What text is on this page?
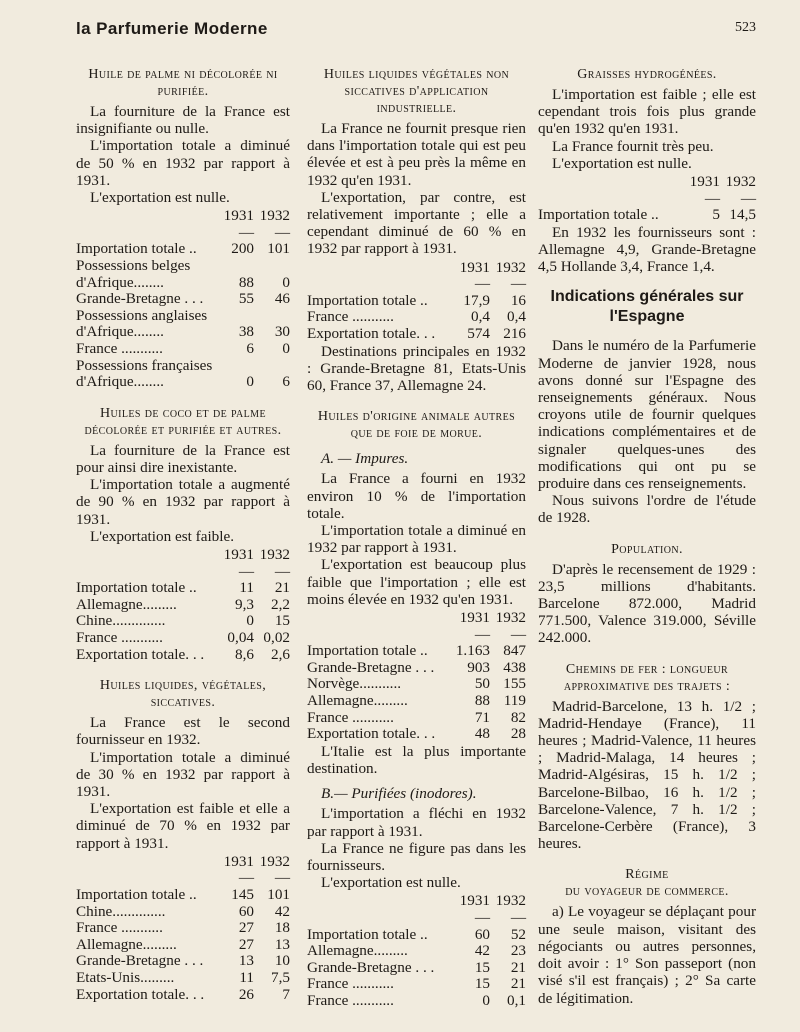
la Parfumerie Moderne	523
Huile de palme ni décolorée ni purifiée.

La fourniture de la France est insignifiante ou nulle.

L'importation totale a diminué de 50 % en 1932 par rapport à 1931.

L'exportation est nulle.

	1931	1932
	—	—
Importation totale ..	200	101
Possessions belges		
d'Afrique........	88	0
Grande-Bretagne . . .	55	46
Possessions anglaises		
d'Afrique........	38	30
France ...........	6	0
Possessions françaises		
d'Afrique........	0	6
Huiles de coco et de palme décolorée et purifiée et autres.

La fourniture de la France est pour ainsi dire inexistante.

L'importation totale a augmenté de 90 % en 1932 par rapport à 1931.

L'exportation est faible.

	1931	1932
	—	—
Importation totale ..	11	21
Allemagne.........	9,3	2,2
Chine..............	0	15
France ...........	0,04	0,02
Exportation totale. . .	8,6	2,6
Huiles liquides, végétales, siccatives.

La France est le second fournisseur en 1932.

L'importation totale a diminué de 30 % en 1932 par rapport à 1931.

L'exportation est faible et elle a diminué de 70 % en 1932 par rapport à 1931.

	1931	1932
	—	—
Importation totale ..	145	101
Chine..............	60	42
France ...........	27	18
Allemagne.........	27	13
Grande-Bretagne . . .	13	10
Etats-Unis.........	11	7,5
Exportation totale. . .	26	7
Huiles liquides végétales non siccatives d'application industrielle.

La France ne fournit presque rien dans l'importation totale qui est peu élevée et est à peu près la même en 1932 qu'en 1931.

L'exportation, par contre, est relativement importante ; elle a cependant diminué de 60 % en 1932 par rapport à 1931.

	1931	1932
	—	—
Importation totale ..	17,9	16
France ...........	0,4	0,4
Exportation totale. . .	574	216

Destinations principales en 1932 : Grande-Bretagne 81, Etats-Unis 60, France 37, Allemagne 24.

Huiles d'origine animale autres que de foie de morue.

A. — Impures.

La France a fourni en 1932 environ 10 % de l'importation totale.

L'importation totale a diminué en 1932 par rapport à 1931.

L'exportation est beaucoup plus faible que l'importation ; elle est moins élevée en 1932 qu'en 1931.

	1931	1932
	—	—
Importation totale ..	1.163	847
Grande-Bretagne . . .	903	438
Norvège...........	50	155
Allemagne.........	88	119
France ...........	71	82
Exportation totale. . .	48	28

L'Italie est la plus importante destination.

B.— Purifiées (inodores).

L'importation a fléchi en 1932 par rapport à 1931.

La France ne figure pas dans les fournisseurs.

L'exportation est nulle.

	1931	1932
	—	—
Importation totale ..	60	52
Allemagne.........	42	23
Grande-Bretagne . . .	15	21
France ...........	15	21
France ...........	0	0,1
Graisses hydrogénées.

L'importation est faible ; elle est cependant trois fois plus grande qu'en 1932 qu'en 1931.

La France fournit très peu.

L'exportation est nulle.

	1931	1932
	—	—
Importation totale ..	5	14,5

En 1932 les fournisseurs sont : Allemagne 4,9, Grande-Bretagne 4,5 Hollande 3,4, France 1,4.

Indications générales sur l'Espagne

Dans le numéro de la Parfumerie Moderne de janvier 1928, nous avons donné sur l'Espagne des renseignements généraux. Nous croyons utile de fournir quelques indications complémentaires et de signaler quelques-unes des modifications qui ont pu se produire dans ces renseignements.

Nous suivons l'ordre de l'étude de 1928.

Population.

D'après le recensement de 1929 : 23,5 millions d'habitants. Barcelone 872.000, Madrid 771.500, Valence 319.000, Séville 242.000.

Chemins de fer : longueur approximative des trajets :

Madrid-Barcelone, 13 h. 1/2 ; Madrid-Hendaye (France), 11 heures ; Madrid-Valence, 11 heures ; Madrid-Malaga, 14 heures ; Madrid-Algésiras, 15 h. 1/2 ; Barcelone-Bilbao, 16 h. 1/2 ; Barcelone-Valence, 7 h. 1/2 ; Barcelone-Cerbère (France), 3 heures.

Régime
du voyageur de commerce.

a) Le voyageur se déplaçant pour une seule maison, visitant des négociants ou autres personnes, doit avoir : 1° Son passeport (non visé s'il est français) ; 2° Sa carte de légitimation.
